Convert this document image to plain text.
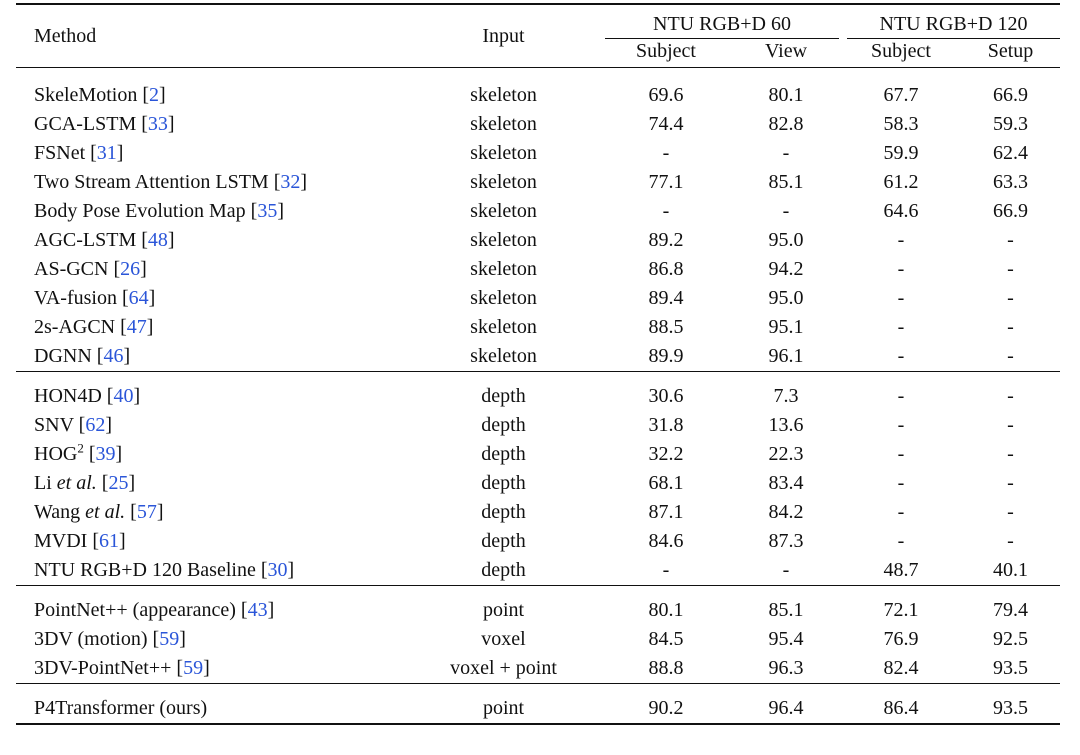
Method	Input	NTU RGB+D 60		NTU RGB+D 120	

		Subject	View	Subject	Setup

SkeleMotion [2]	skeleton	69.6	80.1	67.7	66.9
GCA-LSTM [33]	skeleton	74.4	82.8	58.3	59.3
FSNet [31]	skeleton	-	-	59.9	62.4
Two Stream Attention LSTM [32]	skeleton	77.1	85.1	61.2	63.3
Body Pose Evolution Map [35]	skeleton	-	-	64.6	66.9
AGC-LSTM [48]	skeleton	89.2	95.0	-	-
AS-GCN [26]	skeleton	86.8	94.2	-	-
VA-fusion [64]	skeleton	89.4	95.0	-	-
2s-AGCN [47]	skeleton	88.5	95.1	-	-
DGNN [46]	skeleton	89.9	96.1	-	-

HON4D [40]	depth	30.6	7.3	-	-
SNV [62]	depth	31.8	13.6	-	-
HOG$^2$ [39]	depth	32.2	22.3	-	-
Li et al. [25]	depth	68.1	83.4	-	-
Wang et al. [57]	depth	87.1	84.2	-	-
MVDI [61]	depth	84.6	87.3	-	-
NTU RGB+D 120 Baseline [30]	depth	-	-	48.7	40.1

PointNet++ (appearance) [43]	point	80.1	85.1	72.1	79.4
3DV (motion) [59]	voxel	84.5	95.4	76.9	92.5
3DV-PointNet++ [59]	voxel + point	88.8	96.3	82.4	93.5

P4Transformer (ours)	point	90.2	96.4	86.4	93.5
